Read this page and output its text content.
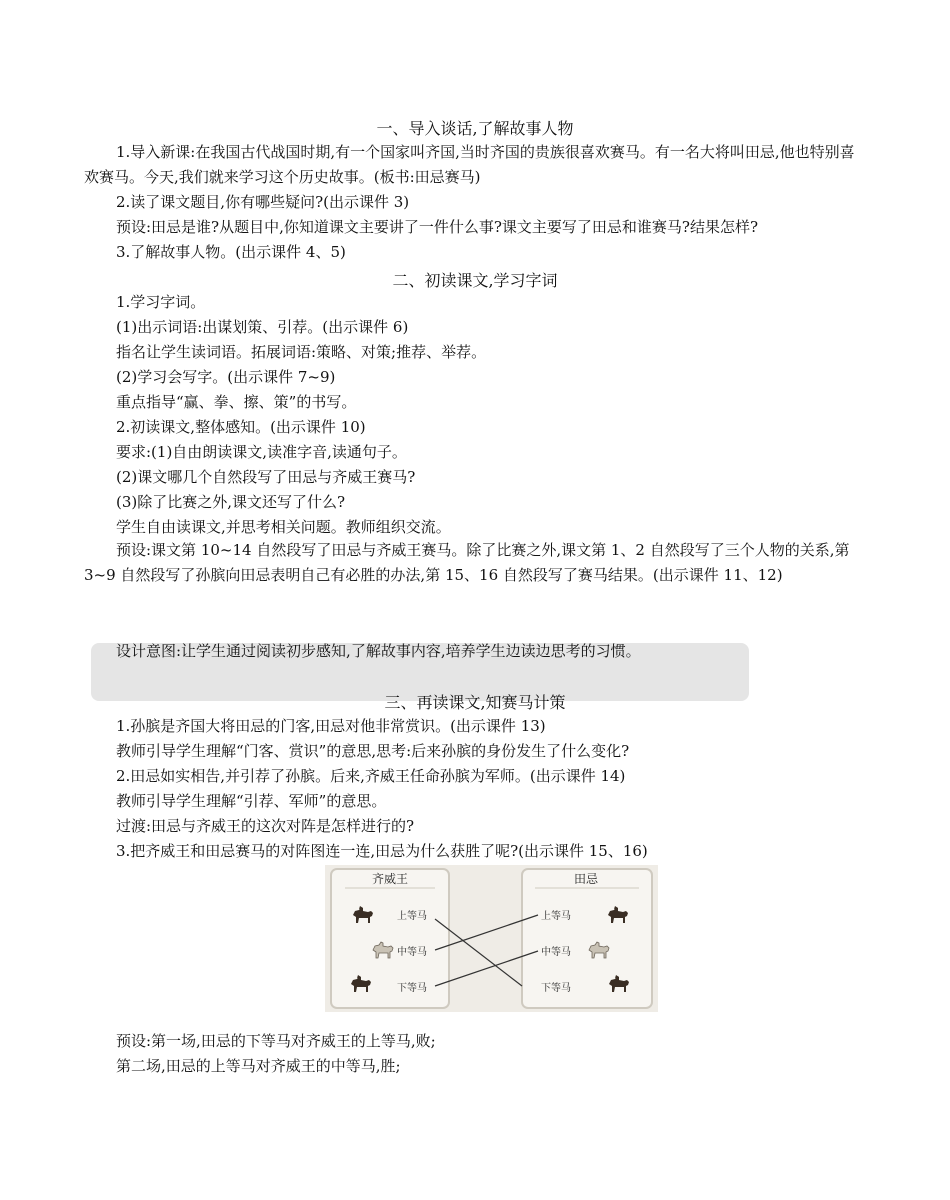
一、导入谈话,了解故事人物
1.导入新课:在我国古代战国时期,有一个国家叫齐国,当时齐国的贵族很喜欢赛马。有一名大将叫田忌,他也特别喜欢赛马。今天,我们就来学习这个历史故事。(板书:田忌赛马)
2.读了课文题目,你有哪些疑问?(出示课件 3)
预设:田忌是谁?从题目中,你知道课文主要讲了一件什么事?课文主要写了田忌和谁赛马?结果怎样?
3.了解故事人物。(出示课件 4、5)
二、初读课文,学习字词
1.学习字词。
(1)出示词语:出谋划策、引荐。(出示课件 6)
指名让学生读词语。拓展词语:策略、对策;推荐、举荐。
(2)学习会写字。(出示课件 7~9)
重点指导“赢、拳、擦、策”的书写。
2.初读课文,整体感知。(出示课件 10)
要求:(1)自由朗读课文,读准字音,读通句子。
(2)课文哪几个自然段写了田忌与齐威王赛马?
(3)除了比赛之外,课文还写了什么?
学生自由读课文,并思考相关问题。教师组织交流。
预设:课文第 10~14 自然段写了田忌与齐威王赛马。除了比赛之外,课文第 1、2 自然段写了三个人物的关系,第 3~9 自然段写了孙膑向田忌表明自己有必胜的办法,第 15、16 自然段写了赛马结果。(出示课件 11、12)
设计意图:让学生通过阅读初步感知,了解故事内容,培养学生边读边思考的习惯。
三、再读课文,知赛马计策
1.孙膑是齐国大将田忌的门客,田忌对他非常赏识。(出示课件 13)
教师引导学生理解“门客、赏识”的意思,思考:后来孙膑的身份发生了什么变化?
2.田忌如实相告,并引荐了孙膑。后来,齐威王任命孙膑为军师。(出示课件 14)
教师引导学生理解“引荐、军师”的意思。
过渡:田忌与齐威王的这次对阵是怎样进行的?
3.把齐威王和田忌赛马的对阵图连一连,田忌为什么获胜了呢?(出示课件 15、16)
齐威王	田忌
上等马
中等马
下等马
上等马
中等马
下等马
预设:第一场,田忌的下等马对齐威王的上等马,败;
第二场,田忌的上等马对齐威王的中等马,胜;
